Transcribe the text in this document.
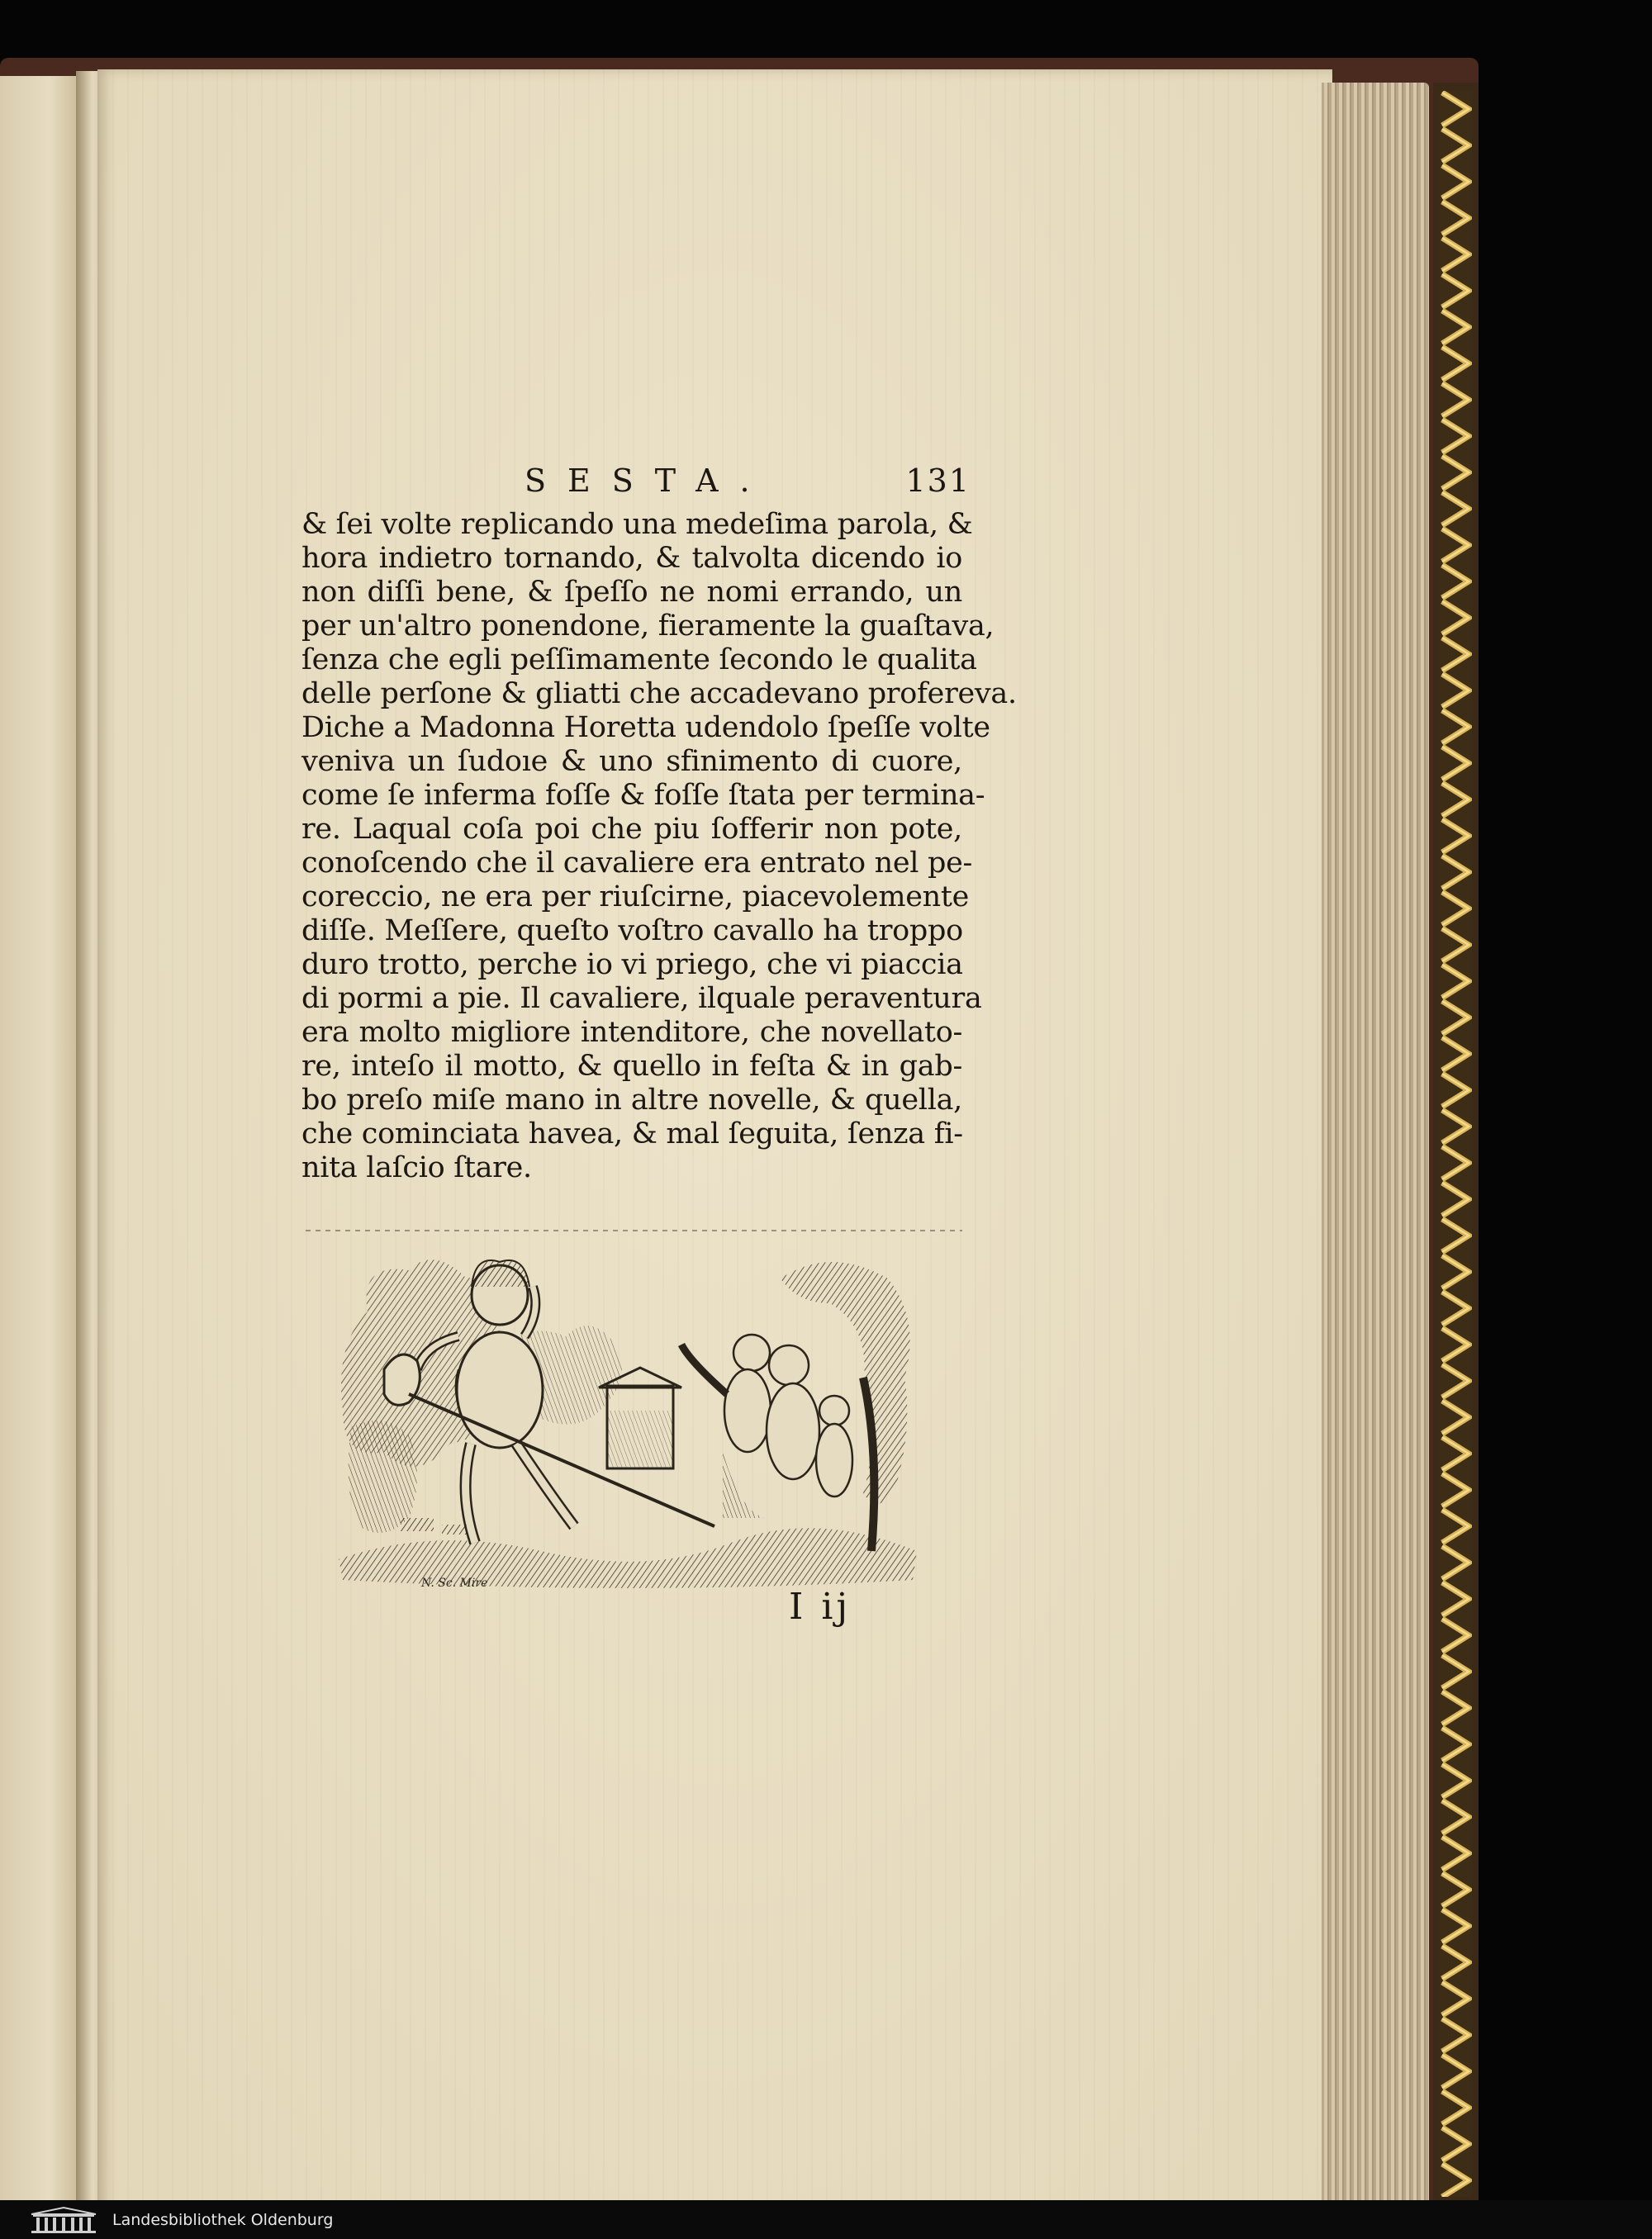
SESTA.	131
& ſei volte replicando una medeſima parola, &
hora indietro tornando, & talvolta dicendo io
non diſſi bene, & ſpeſſo ne nomi errando, un
per un'altro ponendone, fieramente la guaſtava,
ſenza che egli peſſimamente ſecondo le qualita
delle perſone & gliatti che accadevano profereva.
Diche a Madonna Horetta udendolo ſpeſſe volte
veniva un ſudoıe & uno sfinimento di cuore,
come ſe inferma foſſe & foſſe ſtata per termina-
re. Laqual coſa poi che piu ſofferir non pote,
conoſcendo che il cavaliere era entrato nel pe-
coreccio, ne era per riuſcirne, piacevolemente
diſſe. Meſſere, queſto voſtro cavallo ha troppo
duro trotto, perche io vi priego, che vi piaccia
di pormi a pie. Il cavaliere, ilquale peraventura
era molto migliore intenditore, che novellato-
re, inteſo il motto, & quello in feſta & in gab-
bo preſo miſe mano in altre novelle, & quella,
che cominciata havea, & mal ſeguita, ſenza fi-
nita laſcio ſtare.
N. Sc. Mire
I ij
Landesbibliothek Oldenburg
